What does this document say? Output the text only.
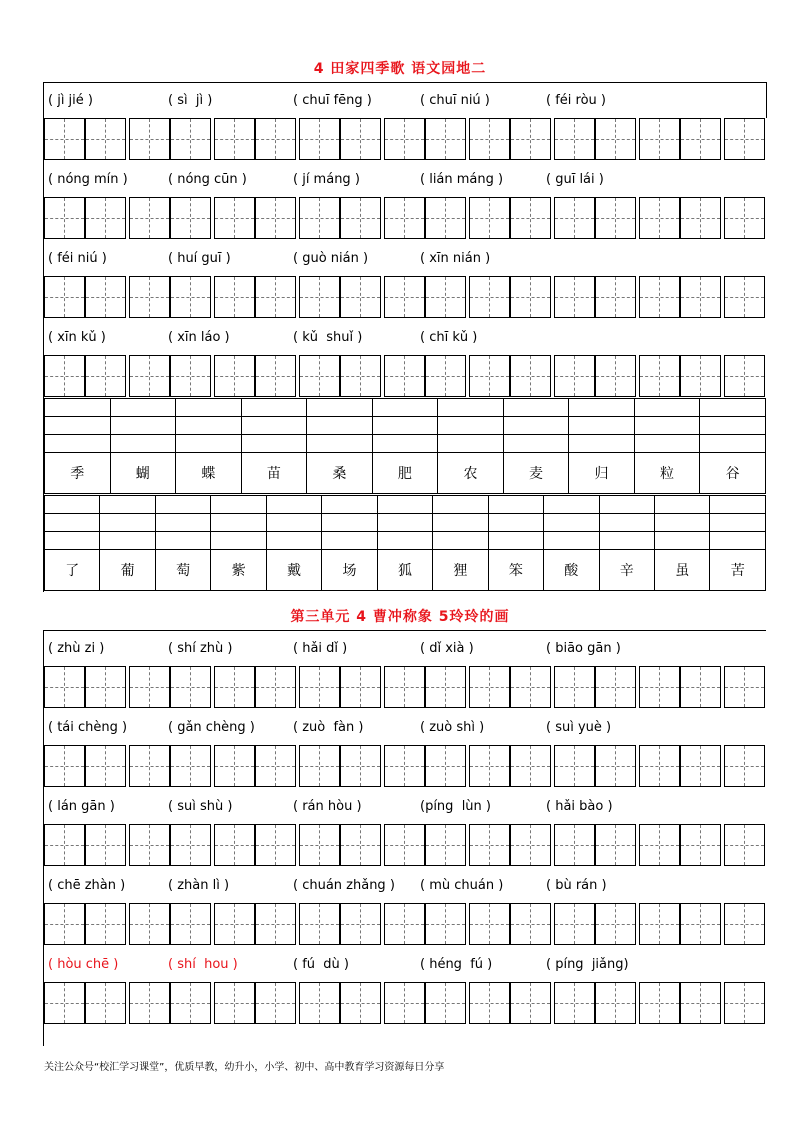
4 田家四季歌 语文园地二
( jì jié )	( sì  jì )	( chuī fēng )	( chuī niú )	( féi ròu )
( nóng mín )	( nóng cūn )	( jí máng )	( lián máng )	( guī lái )
( féi niú )	( huí guī )	( guò nián )	( xīn nián )
( xīn kǔ )	( xīn láo )	( kǔ  shuǐ )	( chī kǔ )

季	蝴	蝶	苗	桑	肥	农	麦	归	粒	谷

了	葡	萄	紫	戴	场	狐	狸	笨	酸	辛	虽	苦
第三单元 4 曹冲称象 5玲玲的画
( zhù zi )	( shí zhù )	( hǎi dǐ )	( dǐ xià )	( biāo gān )
( tái chèng )	( gǎn chèng )	( zuò  fàn )	( zuò shì )	( suì yuè )
( lán gān )	( suì shù )	( rán hòu )	(píng  lùn )	( hǎi bào )
( chē zhàn )	( zhàn lì )	( chuán zhǎng ) ( mù chuán )	( bù rán )
( hòu chē )	( shí  hou )	( fú  dù )	( héng  fú )	( píng  jiǎng)
关注公众号“校汇学习课堂”，优质早教，幼升小，小学、初中、高中教育学习资源每日分享
